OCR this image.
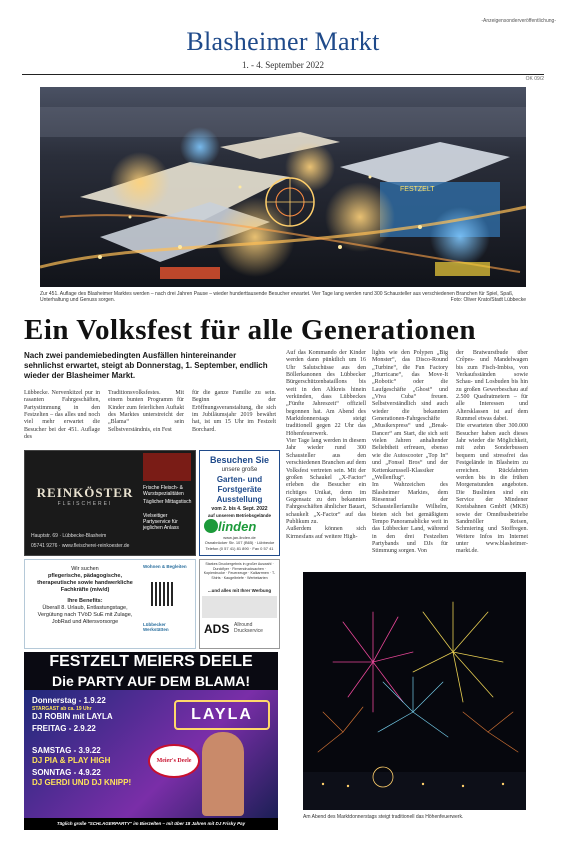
-Anzeigensonderveröffentlichung-
Blasheimer Markt
1. - 4. September 2022
OK 09/2
FESTZELT
Zur 451. Auflage des Blasheimer Marktes werden – nach drei Jahren Pause – wieder hunderttausende Besucher erwartet. Vier Tage lang werden rund 300 Schausteller aus verschiedenen Branchen für Spiel, Spaß, Unterhaltung und Genuss sorgen.	Foto: Oliver Krato/Stadt Lübbecke
Ein Volksfest für alle Generationen
Nach zwei pandemiebedingten Ausfällen hintereinander sehnlichst erwartet, steigt ab Donnerstag, 1. September, endlich wieder der Blasheimer Markt.
Lübbecke. Nervenkitzel pur in rasanten Fahrgeschäften, Partystimmung in den Festzelten – das alles und noch viel mehr erwartet die Besucher bei der 451. Auflage des
Traditionsvolksfestes. Mit einem bunten Programm für Kinder zum feierlichen Auftakt des Marktes unterstreicht der „Blama“ sein Selbstverständnis, ein Fest
für die ganze Familie zu sein. Beginn der Eröffnungsveranstaltung, die sich im Jubiläumsjahr 2019 bewährt hat, ist um 15 Uhr im Festzelt Borchard.
Auf das Kommando der Kinder werden dann pünktlich um 16 Uhr Salutschüsse aus den Böllerkanonen des Lübbecker Bürgerschützenbataillons bis weit in den Altkreis hinein verkünden, dass Lübbeckes „Fünfte Jahreszeit“ offiziell begonnen hat. Am Abend des Marktdonnerstags steigt traditionell gegen 22 Uhr das Höhenfeuerwerk.
Vier Tage lang werden in diesem Jahr wieder rund 300 Schausteller aus den verschiedenen Branchen auf dem Volksfest vertreten sein. Mit der großen Schaukel „X-Factor“ erleben die Besucher ein richtiges Unikat, denn im Gegensatz zu den bekannten Fahrgeschäften ähnlicher Bauart, schaukelt „X-Factor“ auf das Publikum zu.
Außerdem können sich Kirmesfans auf weitere High-
lights wie den Polypen „Big Monster“, das Disco-Round „Turbine“, die Fun Factory „Hurricane“, das Move-It „Robotic“ oder die Laufgeschäfte „Ghost“ und „Viva Cuba“ freuen. Selbstverständlich sind auch wieder die bekannten Generationen-Fahrgeschäfte „Musikexpress“ und „Break-Dancer“ am Start, die sich seit vielen Jahren anhaltender Beliebtheit erfreuen, ebenso wie die Autoscooter „Top In“ und „Fonsel Bros“ und der Kettenkarussell-Klassiker „Wellenflug“.
Im Wahrzeichen des Blasheimer Marktes, dem Riesenrad der Schaustellerfamilie Wilhelm, bieten sich bei gemäßigtem Tempo Panoramablicke weit in das Lübbecker Land, während in den drei Festzelten Partybands und DJs für Stimmung sorgen. Von
der Bratwurstbude über Crêpes- und Mandelwagen bis zum Fisch-Imbiss, von Verkaufsständen sowie Schau- und Losbuden bis hin zu großen Gewerbeschau auf 2.500 Quadratmetern – für alle Interessen und Altersklassen ist auf dem Rummel etwas dabei.
Die erwarteten über 300.000 Besucher haben auch dieses Jahr wieder die Möglichkeit, mit zehn Sonderbussen bequem und stressfrei das Festgelände in Blasheim zu erreichen. Rückfahrten werden bis in die frühen Morgenstunden angeboten. Die Buslinien sind ein Service der Mindener Kreisbahnen GmbH (MKB) sowie der Omnibusbetriebe Sandmöller Reisen, Schmiering und Stoffregen. Weitere Infos im Internet unter www.blasheimer-markt.de.
REINKÖSTER
FLEISCHEREI
Frische Fleisch- & Wurstspezialitäten
Täglicher Mittagstisch
Vielseitiger Partyservice für jeglichen Anlass
Hauptstr. 69 · Lübbecke-Blasheim
05741 9276 · www.fleischerei-reinkoester.de
Besuchen Sie
unsere große
Garten- und
Forstgeräte
Ausstellung
vom 2. bis 4. Sept. 2022
auf unserem Betriebsgelände
linden
www.jan-linden.de
Osnabrücker Str. 107 (B65) · Lübbecke
Telefon (0 57 41) 81 890 · Fax 0 57 41
Wir suchen
pflegerische, pädagogische,
therapeutische sowie handwerkliche
Fachkräfte (m/w/d)
Ihre Benefits:
Überall 8. Urlaub, Entlastungstage,
Vergütung nach TVöD SuE mit Zulage,
JobRad und Altersvorsorge
Wohnen & Begleiten
Lübbecker Werkstätten
Starkes Druckergebnis in großer Auswahl · Durckflyer · Firmendrucksachen · Kopierdrucke · Feuerzeuge · Kalkarrmen · T-Shirts · Kaugelbriefe · Werbekarten
...und alles mit Ihrer Werbung
ADS Allround Druckservice
FESTZELT MEIERS DEELE
Die PARTY AUF DEM BLAMA!
Donnerstag - 1.9.22
STARGAST ab ca. 19 Uhr
DJ ROBIN mit LAYLA
FREITAG - 2.9.22
SAMSTAG - 3.9.22
DJ PIA & PLAY HIGH
SONNTAG - 4.9.22
DJ GERDI UND DJ KNIPP!
LAYLA
Meier's Deele
Täglich große "SCHLAGERPARTY" im Bierzelten – mit über 18 Jahren mit DJ Frisky Pay
Am Abend des Marktdonnerstags steigt traditionell das Höhenfeuerwerk.
